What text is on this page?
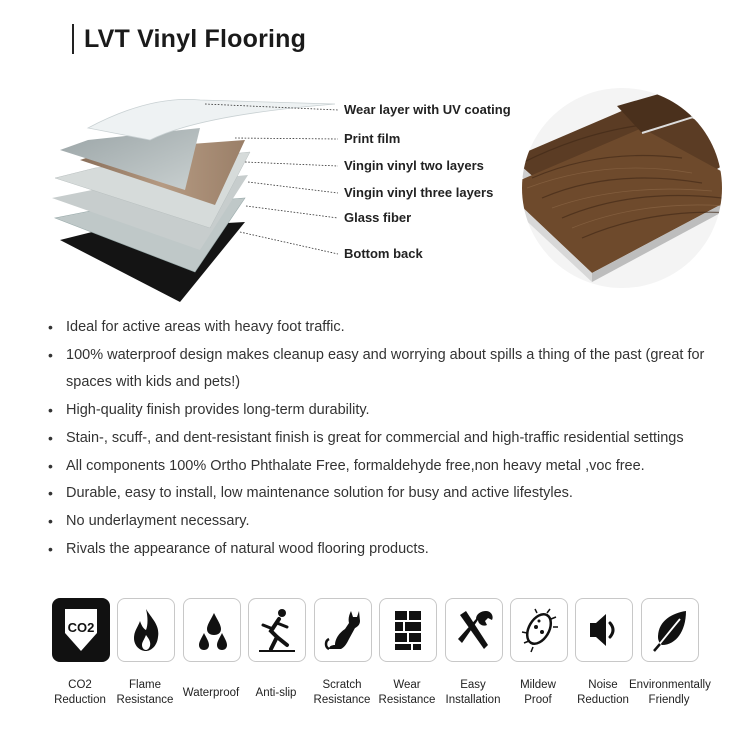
LVT Vinyl Flooring
Wear layer with UV coating
Print film
Vingin vinyl two layers
Vingin vinyl three layers
Glass fiber
Bottom back
• Ideal for active areas with heavy foot traffic.
• 100% waterproof design makes cleanup easy and worrying about spills a thing of the past (great for spaces with kids and pets!)
• High-quality finish provides long-term durability.
• Stain-, scuff-, and dent-resistant finish is great for commercial and high-traffic residential settings
• All components 100% Ortho Phthalate Free, formaldehyde free,non heavy metal ,voc free.
• Durable, easy to install, low maintenance solution for busy and active lifestyles.
• No underlayment necessary.
• Rivals the appearance of natural wood flooring products.
CO2
CO2
Reduction
Flame
Resistance
Waterproof	Anti-slip
Scratch
Resistance
Wear
Resistance
Easy
Installation
Mildew
Proof
Noise
Reduction
Environmentally
Friendly
